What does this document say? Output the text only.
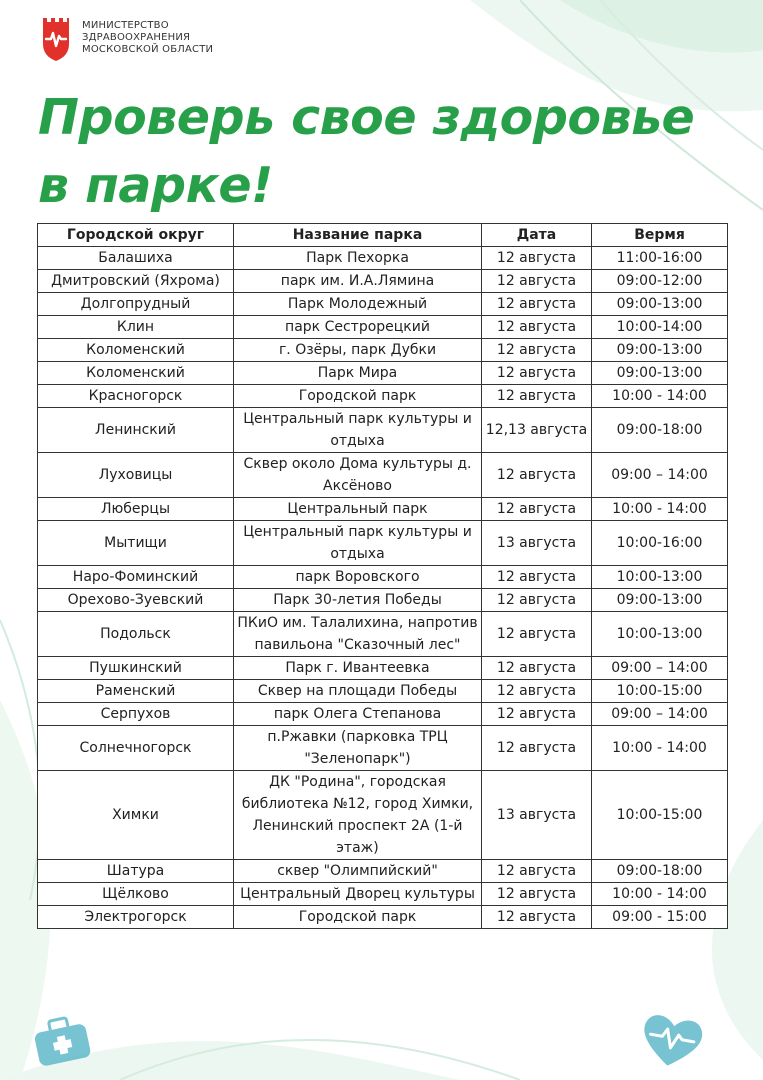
МИНИСТЕРСТВО
ЗДРАВООХРАНЕНИЯ
МОСКОВСКОЙ ОБЛАСТИ
Проверь свое здоровье
в парке!
Городской округ	Название парка	Дата	Вермя
Балашиха	Парк Пехорка	12 августа	11:00-16:00
Дмитровский (Яхрома)	парк им. И.А.Лямина	12 августа	09:00-12:00
Долгопрудный	Парк Молодежный	12 августа	09:00-13:00
Клин	парк Сестрорецкий	12 августа	10:00-14:00
Коломенский	г. Озёры, парк Дубки	12 августа	09:00-13:00
Коломенский	Парк Мира	12 августа	09:00-13:00
Красногорск	Городской парк	12 августа	10:00 - 14:00
Ленинский	Центральный парк культуры и отдыха	12,13 августа	09:00-18:00
Луховицы	Сквер около Дома культуры д. Аксёново	12 августа	09:00 – 14:00
Люберцы	Центральный парк	12 августа	10:00 - 14:00
Мытищи	Центральный парк культуры и отдыха	13 августа	10:00-16:00
Наро-Фоминский	парк Воровского	12 августа	10:00-13:00
Орехово-Зуевский	Парк 30-летия Победы	12 августа	09:00-13:00
Подольск	ПКиО им. Талалихина, напротив павильона "Сказочный лес"	12 августа	10:00-13:00
Пушкинский	Парк г. Ивантеевка	12 августа	09:00 – 14:00
Раменский	Сквер на площади Победы	12 августа	10:00-15:00
Серпухов	парк Олега Степанова	12 августа	09:00 – 14:00
Солнечногорск	п.Ржавки (парковка ТРЦ "Зеленопарк")	12 августа	10:00 - 14:00
Химки	ДК "Родина", городская библиотека №12, город Химки, Ленинский проспект 2А (1-й этаж)	13 августа	10:00-15:00
Шатура	сквер "Олимпийский"	12 августа	09:00-18:00
Щёлково	Центральный Дворец культуры	12 августа	10:00 - 14:00
Электрогорск	Городской парк	12 августа	09:00 - 15:00
